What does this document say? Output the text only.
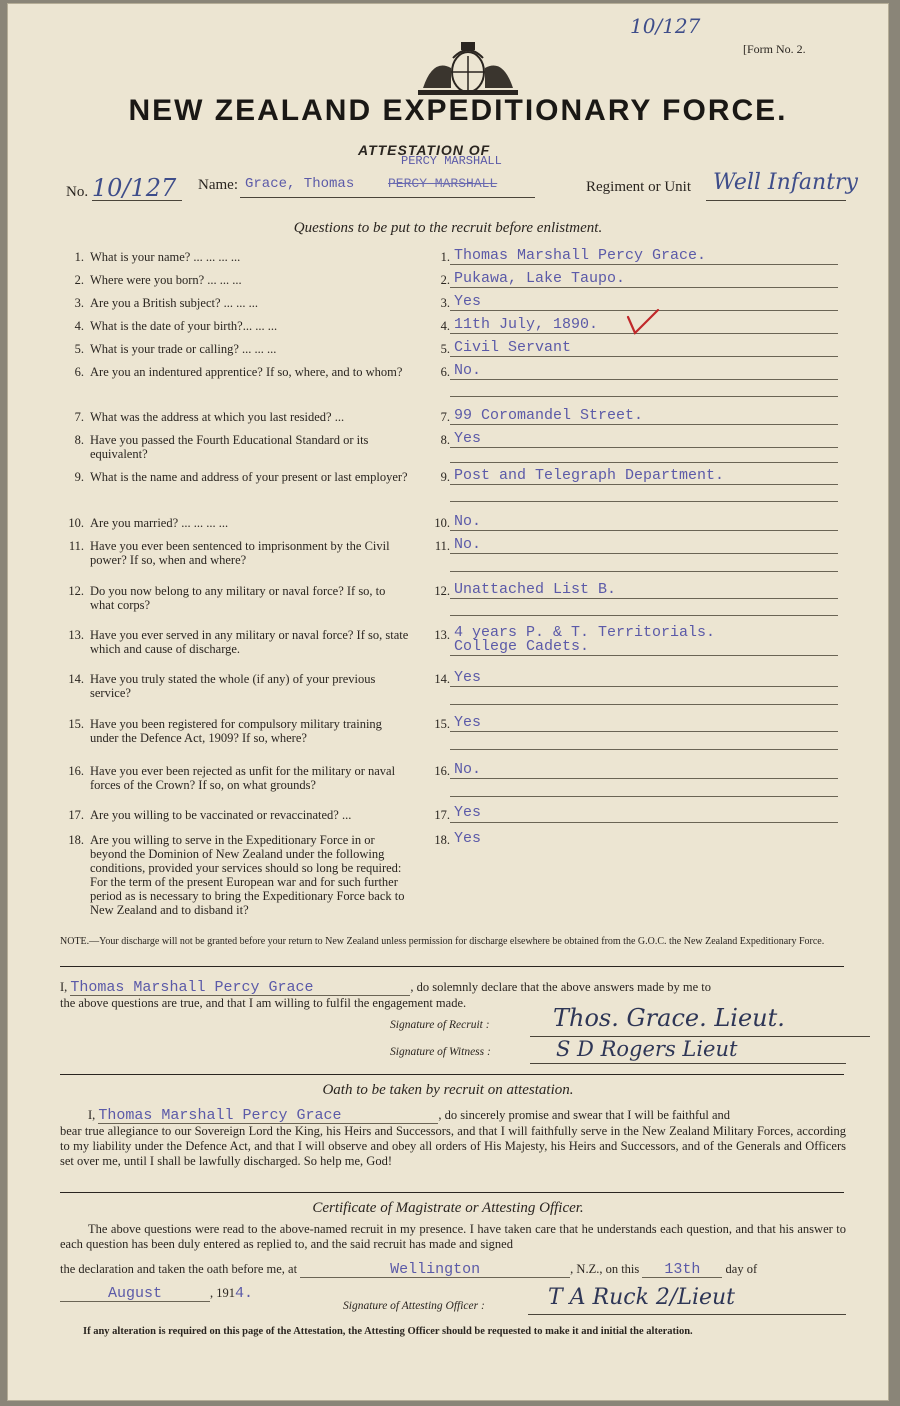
10/127
[Form No. 2.
NEW ZEALAND EXPEDITIONARY FORCE.
ATTESTATION OF
PERCY MARSHALL
No. 10/127 Name: Grace, Thomas	PERCY MARSHALL	Regiment or Unit Well Infantry
Questions to be put to the recruit before enlistment.
1. What is your name? ... ... ... ...	1. Thomas Marshall Percy Grace.
2. Where were you born? ... ... ...	2. Pukawa, Lake Taupo.
3. Are you a British subject? ... ... ...	3. Yes
4. What is the date of your birth?... ... ...	4. 11th July, 1890.
5. What is your trade or calling? ... ... ...	5. Civil Servant
6. Are you an indentured apprentice? If so, where, and to whom?	6. No.
7. What was the address at which you last resided? ...	7. 99 Coromandel Street.
8. Have you passed the Fourth Educational Standard or its equivalent?
8. Yes
9. What is the name and address of your present or last employer?	9. Post and Telegraph Department.
10. Are you married? ... ... ... ...	10. No.
11. Have you ever been sentenced to imprisonment by the Civil power? If so, when and where?
11. No.
12. Do you now belong to any military or naval force? If so, to what corps?
12. Unattached List B.
13. Have you ever served in any military or naval force? If so, state which and cause of discharge.
13. 4 years P. & T. Territorials.
College Cadets.
14. Have you truly stated the whole (if any) of your previous service?
14. Yes
15. Have you been registered for compulsory military training under the Defence Act, 1909? If so, where?
15. Yes
16. Have you ever been rejected as unfit for the military or naval forces of the Crown? If so, on what grounds?
16. No.
17. Are you willing to be vaccinated or revaccinated? ...	17. Yes
18. Are you willing to serve in the Expeditionary Force in or beyond the Dominion of New Zealand under the following conditions, provided your services should so long be required: For the term of the present European war and for such further period as is necessary to bring the Expeditionary Force back to New Zealand and to disband it?
18. Yes
NOTE.—Your discharge will not be granted before your return to New Zealand unless permission for discharge elsewhere be obtained from the G.O.C. the New Zealand Expeditionary Force.
I, Thomas Marshall Percy Grace	, do solemnly declare that the above answers made by me to
the above questions are true, and that I am willing to fulfil the engagement made.
Signature of Recruit :	Thos. Grace. Lieut.
Signature of Witness :	S D Rogers Lieut
Oath to be taken by recruit on attestation.
I, Thomas Marshall Percy Grace	, do sincerely promise and swear that I will be faithful and
bear true allegiance to our Sovereign Lord the King, his Heirs and Successors, and that I will faithfully serve in the New Zealand Military Forces, according to my liability under the Defence Act, and that I will observe and obey all orders of His Majesty, his Heirs and Successors, and of the Generals and Officers set over me, until I shall be lawfully discharged. So help me, God!
Certificate of Magistrate or Attesting Officer.
The above questions were read to the above-named recruit in my presence. I have taken care that he understands each question, and that his answer to each question has been duly entered as replied to, and the said recruit has made and signed
the declaration and taken the oath before me, at	Wellington	, N.Z., on this 13th day of
August	, 1914.
Signature of Attesting Officer :	T A Ruck 2/Lieut
If any alteration is required on this page of the Attestation, the Attesting Officer should be requested to make it and initial the alteration.
